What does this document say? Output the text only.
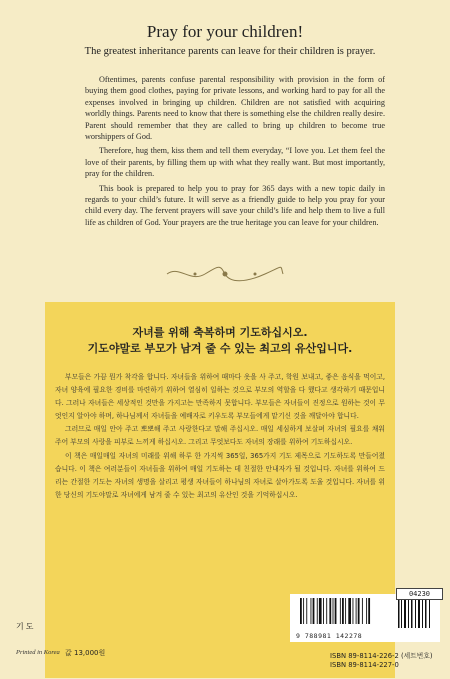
Pray for your children!
The greatest inheritance parents can leave for their children is prayer.

Oftentimes, parents confuse parental responsibility with provision in the form of buying them good clothes, paying for private lessons, and working hard to pay for all the expenses involved in bringing up children. Children are not satisfied with acquiring worldly things. Parents need to know that there is something else the children really desire. Parent should remember that they are called to bring up children to become true worshippers of God.

Therefore, hug them, kiss them and tell them everyday, “I love you. Let them feel the love of their parents, by filling them up with what they really want. But most importantly, pray for the children.

This book is prepared to help you to pray for 365 days with a new topic daily in regards to your child’s future. It will serve as a friendly guide to help you pray for your child every day. The fervent prayers will save your child’s life and help them to live a full life as children of God. Your prayers are the true heritage you can leave for your children.

자녀를 위해 축복하며 기도하십시오.
기도야말로 부모가 남겨 줄 수 있는 최고의 유산입니다.

부모들은 가끔 뭔가 착각을 합니다. 자녀들을 위하여 때마다 옷을 사 주고, 학원 보내고, 좋은 음식을 먹이고, 자녀 양육에 필요한 경비를 마련하기 위하여 열심히 일하는 것으로 부모의 역할을 다 했다고 생각하기 때문입니다. 그러나 자녀들은 세상적인 것만을 가지고는 만족하지 못합니다. 부모들은 자녀들이 진정으로 원하는 것이 무엇인지 알아야 하며, 하나님께서 자녀들을 예배자로 키우도록 부모들에게 맡기신 것을 깨달아야 합니다.

그러므로 매일 안아 주고 뽀뽀해 주고 사랑한다고 말해 주십시오. 매일 세심하게 보살펴 자녀의 필요를 채워 주어 부모의 사랑을 피부로 느끼게 하십시오. 그리고 무엇보다도 자녀의 장래를 위하여 기도하십시오.

이 책은 매일매일 자녀의 미래를 위해 하루 한 가지씩 365일, 365가지 기도 제목으로 기도하도록 만들어졌습니다. 이 책은 여러분들이 자녀들을 위하여 매일 기도하는 데 친절한 안내자가 될 것입니다. 자녀를 위하여 드리는 간절한 기도는 자녀의 생명을 살리고 평생 자녀들이 하나님의 자녀로 살아가도록 도울 것입니다. 자녀를 위한 당신의 기도야말로 자녀에게 남겨 줄 수 있는 최고의 유산인 것을 기억하십시오.

04230
9 788981 142278
ISBN 89-8114-226-2 (세트번호)
ISBN 89-8114-227-0
기도
Printed in Korea 값 13,000원
